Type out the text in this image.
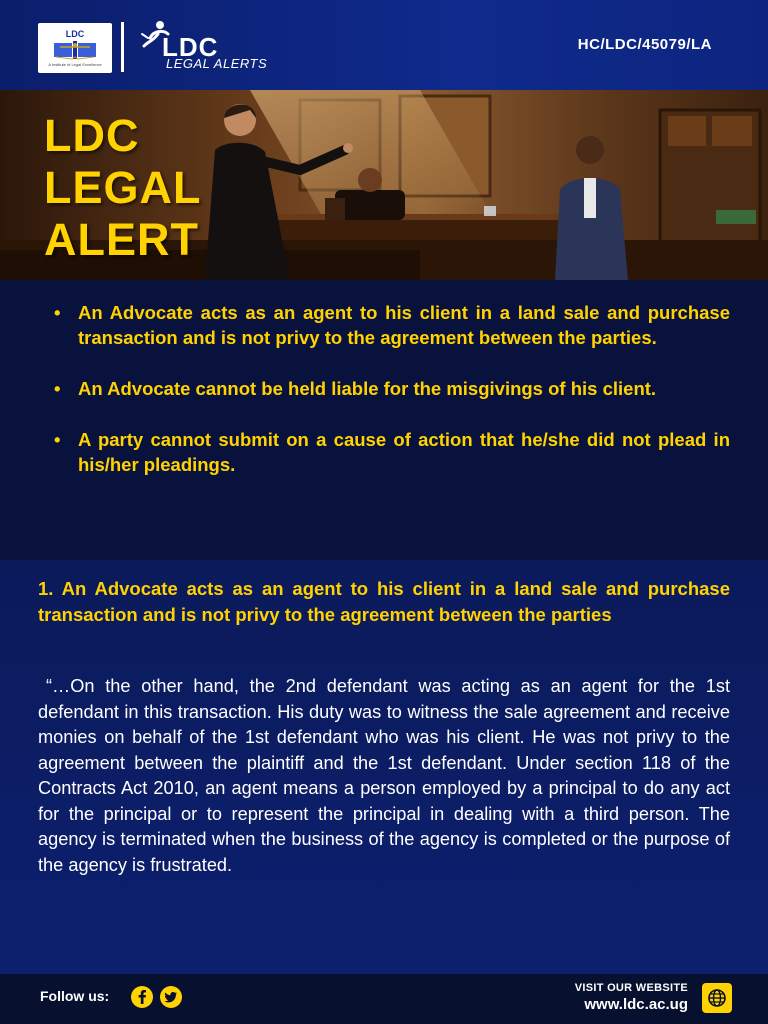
LDC
A Institute of Legal Excellence
LDC
LEGAL ALERTS
HC/LDC/45079/LA
LDC
LEGAL
ALERT
• An Advocate acts as an agent to his client in a land sale and purchase transaction and is not privy to the agreement between the parties.
• An Advocate cannot be held liable for the misgivings of his client.
• A party cannot submit on a cause of action that he/she did not plead in his/her pleadings.

1. An Advocate acts as an agent to his client in a land sale and purchase transaction and is not privy to the agreement between the parties

“…On the other hand, the 2nd defendant was acting as an agent for the 1st defendant in this transaction. His duty was to witness the sale agreement and receive monies on behalf of the 1st defendant who was his client. He was not privy to the agreement between the plaintiff and the 1st defendant. Under section 118 of the Contracts Act 2010, an agent means a person employed by a principal to do any act for the principal or to represent the principal in dealing with a third person. The agency is terminated when the business of the agency is completed or the purpose of the agency is frustrated.

Follow us:	VISIT OUR WEBSITE
www.ldc.ac.ug
